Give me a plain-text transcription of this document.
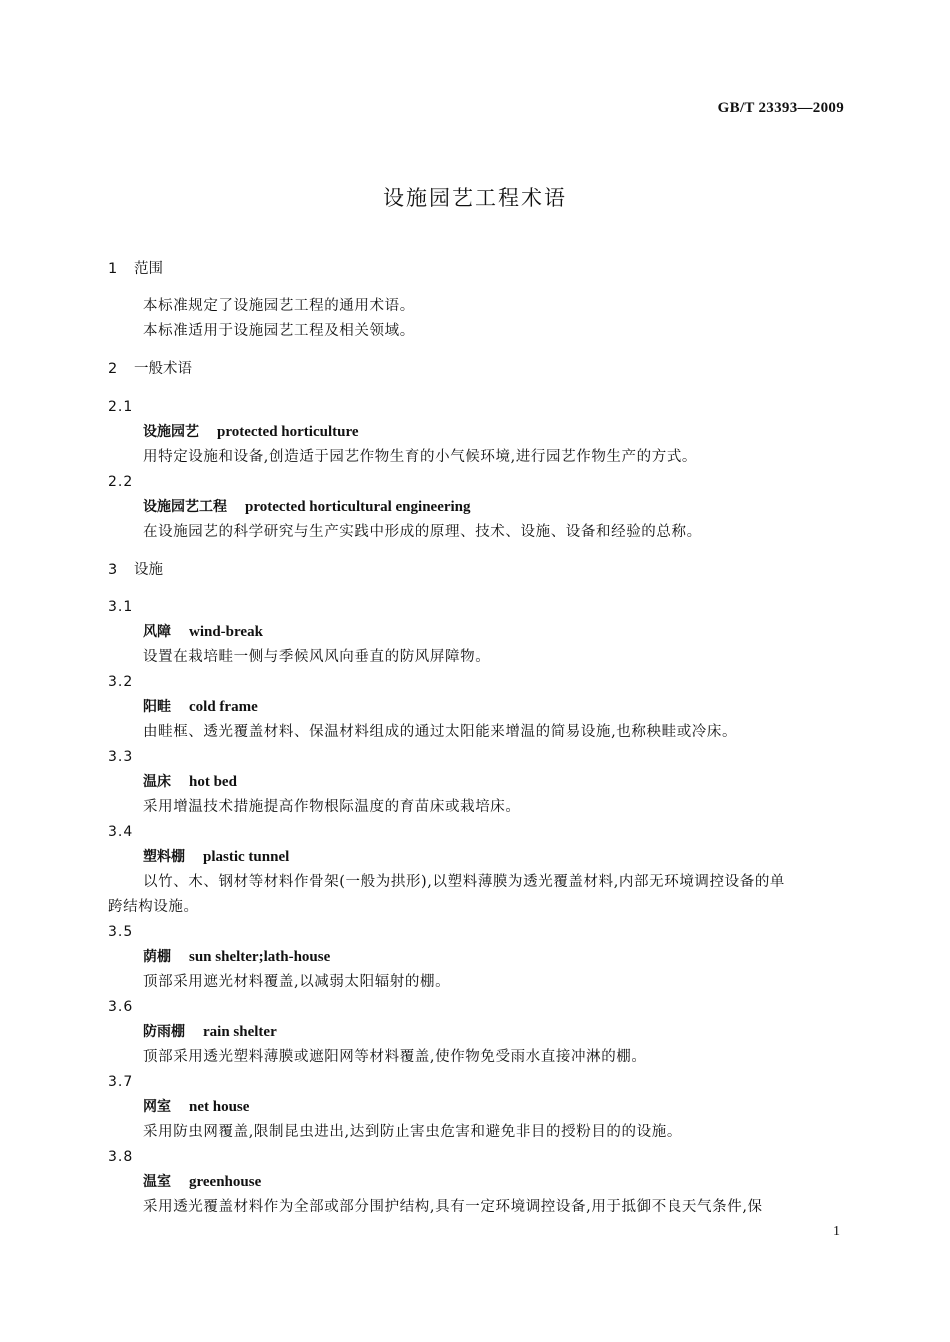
GB/T 23393—2009
设施园艺工程术语
1 范围
本标准规定了设施园艺工程的通用术语。
本标准适用于设施园艺工程及相关领域。
2 一般术语
2.1
设施园艺 protected horticulture
用特定设施和设备,创造适于园艺作物生育的小气候环境,进行园艺作物生产的方式。
2.2
设施园艺工程 protected horticultural engineering
在设施园艺的科学研究与生产实践中形成的原理、技术、设施、设备和经验的总称。
3 设施
3.1
风障 wind-break
设置在栽培畦一侧与季候风风向垂直的防风屏障物。
3.2
阳畦 cold frame
由畦框、透光覆盖材料、保温材料组成的通过太阳能来增温的简易设施,也称秧畦或冷床。
3.3
温床 hot bed
采用增温技术措施提高作物根际温度的育苗床或栽培床。
3.4
塑料棚 plastic tunnel
以竹、木、钢材等材料作骨架(一般为拱形),以塑料薄膜为透光覆盖材料,内部无环境调控设备的单
跨结构设施。
3.5
荫棚 sun shelter;lath-house
顶部采用遮光材料覆盖,以减弱太阳辐射的棚。
3.6
防雨棚 rain shelter
顶部采用透光塑料薄膜或遮阳网等材料覆盖,使作物免受雨水直接冲淋的棚。
3.7
网室 net house
采用防虫网覆盖,限制昆虫进出,达到防止害虫危害和避免非目的授粉目的的设施。
3.8
温室 greenhouse
采用透光覆盖材料作为全部或部分围护结构,具有一定环境调控设备,用于抵御不良天气条件,保
1
